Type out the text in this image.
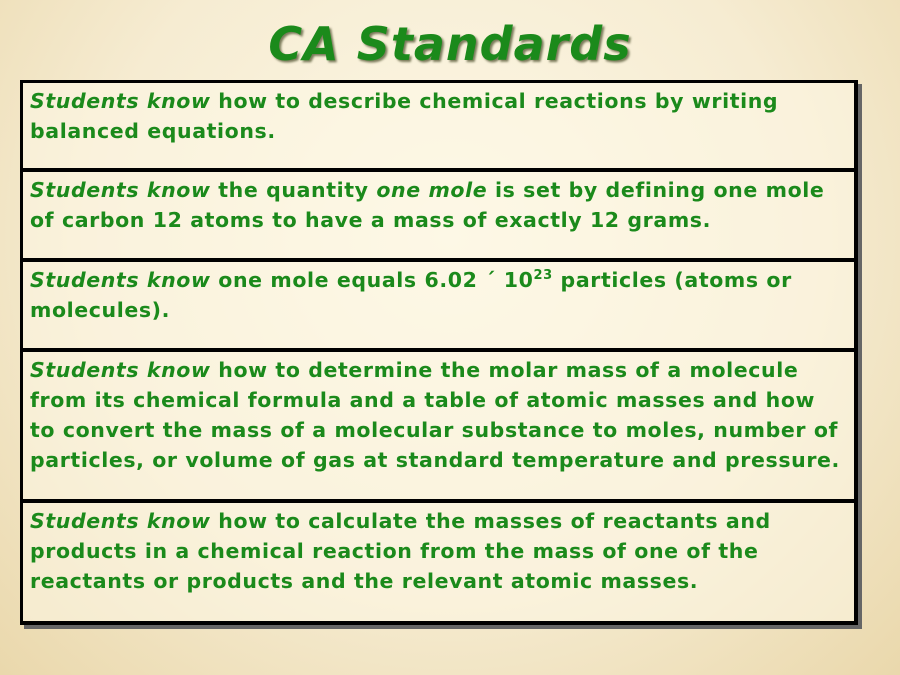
CA Standards
Students know how to describe chemical reactions by writing balanced equations.
Students know the quantity one mole is set by defining one mole of carbon 12 atoms to have a mass of exactly 12 grams.
Students know one mole equals 6.02 ´ $10^{23}$ particles (atoms or molecules).
Students know how to determine the molar mass of a molecule from its chemical formula and a table of atomic masses and how to convert the mass of a molecular substance to moles, number of particles, or volume of gas at standard temperature and pressure.
Students know how to calculate the masses of reactants and products in a chemical reaction from the mass of one of the reactants or products and the relevant atomic masses.
